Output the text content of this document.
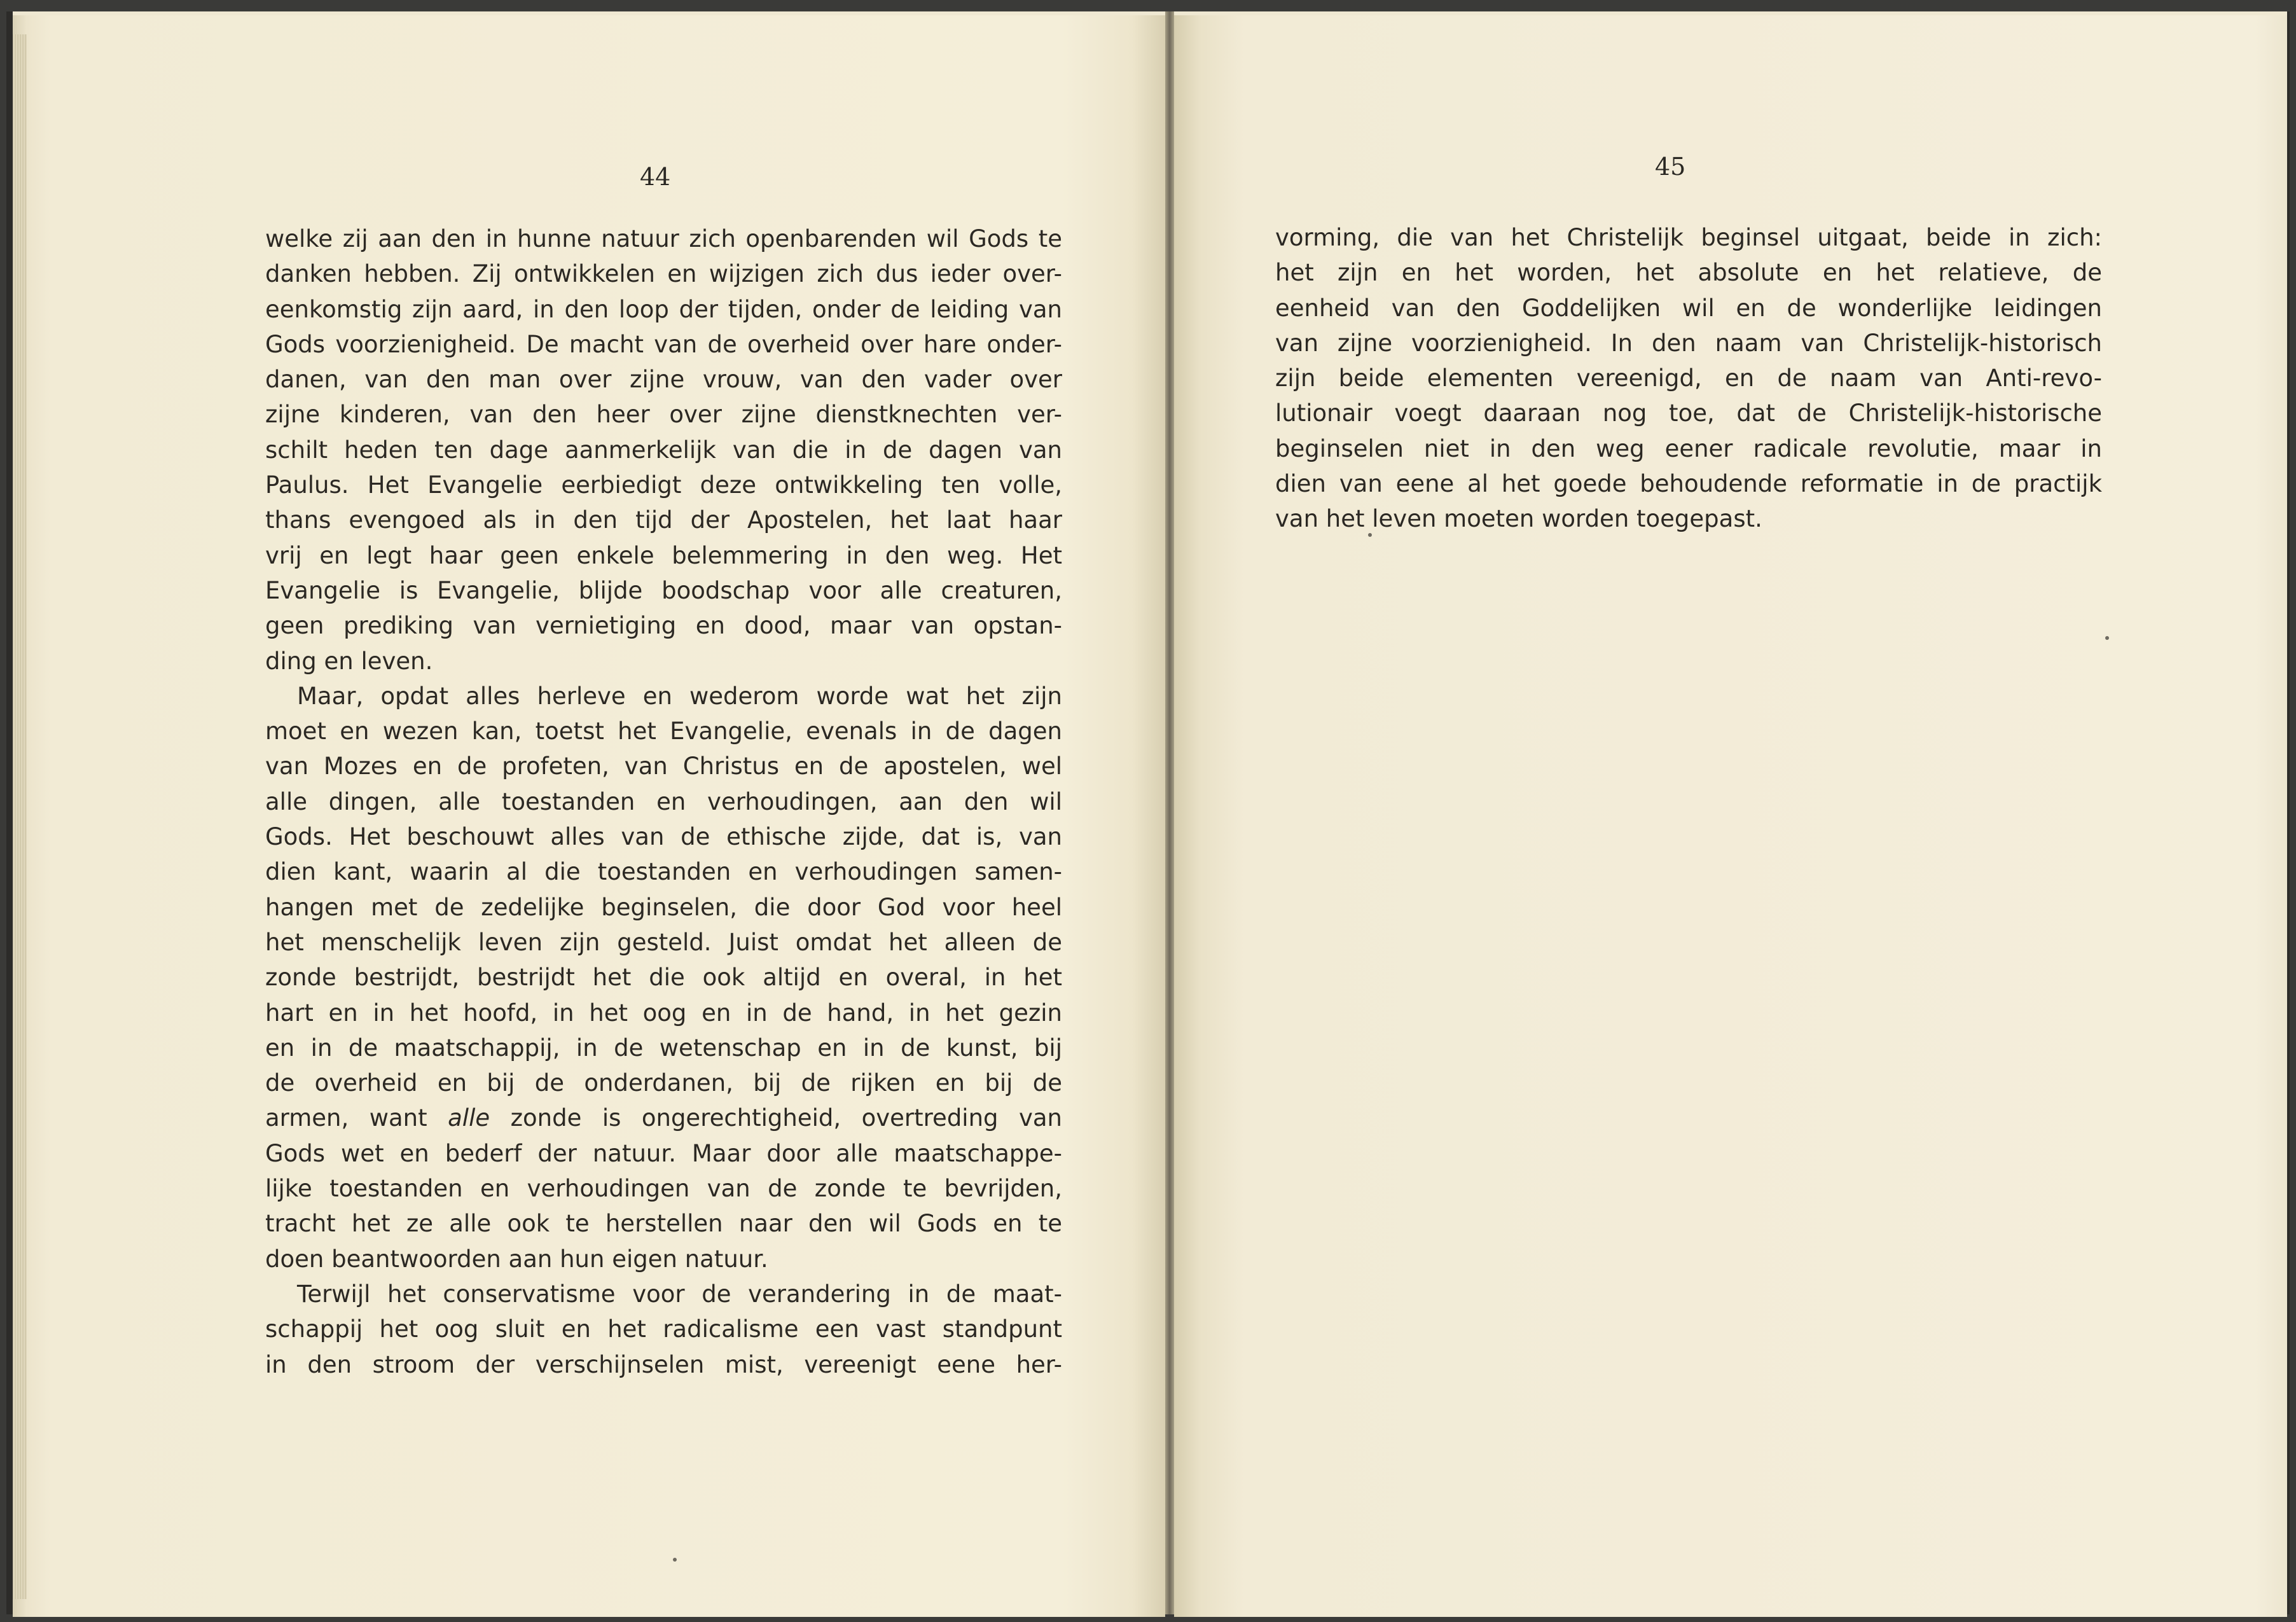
44
welke zij aan den in hunne natuur zich openbarenden wil Gods te
danken hebben. Zij ontwikkelen en wijzigen zich dus ieder over-
eenkomstig zijn aard, in den loop der tijden, onder de leiding van
Gods voorzienigheid. De macht van de overheid over hare onder-
danen, van den man over zijne vrouw, van den vader over
zijne kinderen, van den heer over zijne dienstknechten ver-
schilt heden ten dage aanmerkelijk van die in de dagen van
Paulus. Het Evangelie eerbiedigt deze ontwikkeling ten volle,
thans evengoed als in den tijd der Apostelen, het laat haar
vrij en legt haar geen enkele belemmering in den weg. Het
Evangelie is Evangelie, blijde boodschap voor alle creaturen,
geen prediking van vernietiging en dood, maar van opstan-
ding en leven.
Maar, opdat alles herleve en wederom worde wat het zijn
moet en wezen kan, toetst het Evangelie, evenals in de dagen
van Mozes en de profeten, van Christus en de apostelen, wel
alle dingen, alle toestanden en verhoudingen, aan den wil
Gods. Het beschouwt alles van de ethische zijde, dat is, van
dien kant, waarin al die toestanden en verhoudingen samen-
hangen met de zedelijke beginselen, die door God voor heel
het menschelijk leven zijn gesteld. Juist omdat het alleen de
zonde bestrijdt, bestrijdt het die ook altijd en overal, in het
hart en in het hoofd, in het oog en in de hand, in het gezin
en in de maatschappij, in de wetenschap en in de kunst, bij
de overheid en bij de onderdanen, bij de rijken en bij de
armen, want alle zonde is ongerechtigheid, overtreding van
Gods wet en bederf der natuur. Maar door alle maatschappe-
lijke toestanden en verhoudingen van de zonde te bevrijden,
tracht het ze alle ook te herstellen naar den wil Gods en te
doen beantwoorden aan hun eigen natuur.
Terwijl het conservatisme voor de verandering in de maat-
schappij het oog sluit en het radicalisme een vast standpunt
in den stroom der verschijnselen mist, vereenigt eene her-
45
vorming, die van het Christelijk beginsel uitgaat, beide in zich:
het zijn en het worden, het absolute en het relatieve, de
eenheid van den Goddelijken wil en de wonderlijke leidingen
van zijne voorzienigheid. In den naam van Christelijk-historisch
zijn beide elementen vereenigd, en de naam van Anti-revo-
lutionair voegt daaraan nog toe, dat de Christelijk-historische
beginselen niet in den weg eener radicale revolutie, maar in
dien van eene al het goede behoudende reformatie in de practijk
van het leven moeten worden toegepast.
